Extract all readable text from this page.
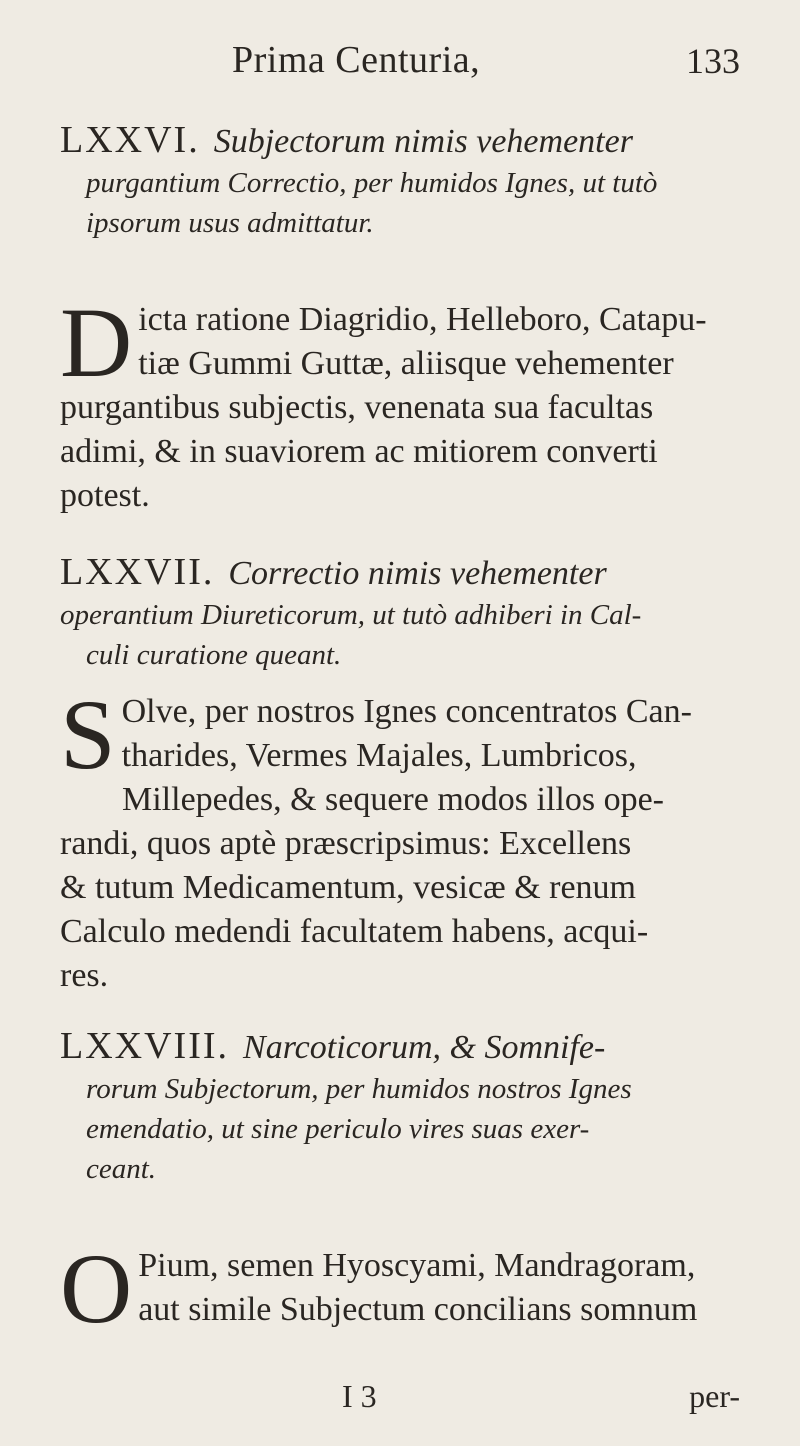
Prima Centuria,	133
LXXVI. Subjectorum nimis vehementer
purgantium Correctio, per humidos Ignes, ut tutò
ipsorum usus admittatur.
D icta ratione Diagridio, Helleboro, Catapu-
tiæ Gummi Guttæ, aliisque vehementer
purgantibus subjectis, venenata sua facultas
adimi, & in suaviorem ac mitiorem converti
potest.
LXXVII. Correctio nimis vehementer
operantium Diureticorum, ut tutò adhiberi in Cal-
culi curatione queant.
S Olve, per nostros Ignes concentratos Can-
tharides, Vermes Majales, Lumbricos,
Millepedes, & sequere modos illos ope-
randi, quos aptè præscripsimus: Excellens
& tutum Medicamentum, vesicæ & renum
Calculo medendi facultatem habens, acqui-
res.
LXXVIII. Narcoticorum, & Somnife-
rorum Subjectorum, per humidos nostros Ignes
emendatio, ut sine periculo vires suas exer-
ceant.
O Pium, semen Hyoscyami, Mandragoram,
aut simile Subjectum concilians somnum
I 3	per-
